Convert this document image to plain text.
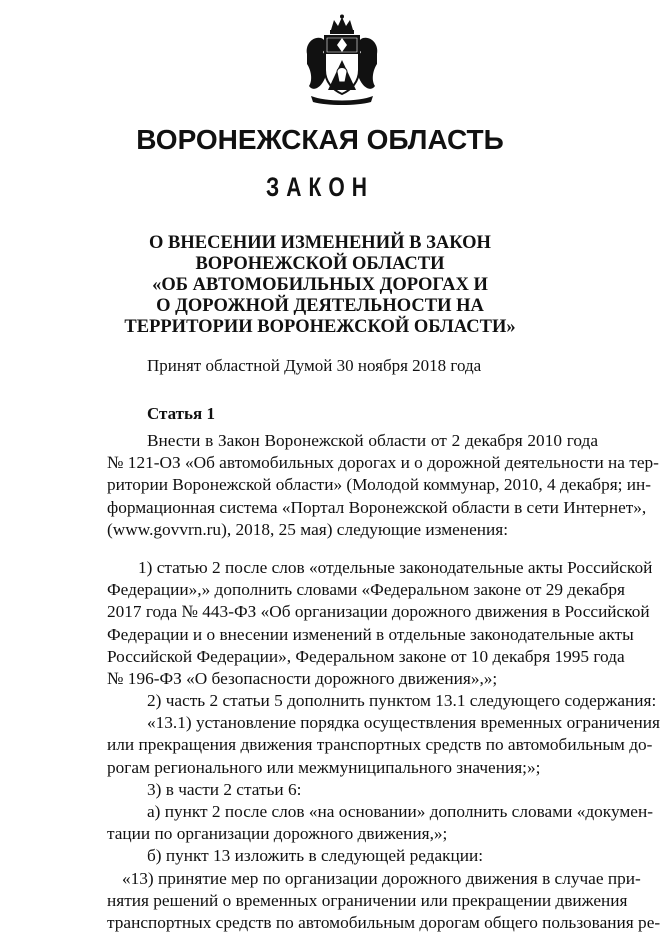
ВОРОНЕЖСКАЯ ОБЛАСТЬ
ЗАКОН
О ВНЕСЕНИИ ИЗМЕНЕНИЙ В ЗАКОН
ВОРОНЕЖСКОЙ ОБЛАСТИ
«ОБ АВТОМОБИЛЬНЫХ ДОРОГАХ И
О ДОРОЖНОЙ ДЕЯТЕЛЬНОСТИ НА
ТЕРРИТОРИИ ВОРОНЕЖСКОЙ ОБЛАСТИ»

Принят областной Думой 30 ноября 2018 года

Статья 1

Внести в Закон Воронежской области от 2 декабря 2010 года
№ 121-ОЗ «Об автомобильных дорогах и о дорожной деятельности на тер-
ритории Воронежской области» (Молодой коммунар, 2010, 4 декабря; ин-
формационная система «Портал Воронежской области в сети Интернет»,
(www.govvrn.ru), 2018, 25 мая) следующие изменения:
1) статью 2 после слов «отдельные законодательные акты Российской
Федерации»,» дополнить словами «Федеральном законе от 29 декабря
2017 года № 443-ФЗ «Об организации дорожного движения в Российской
Федерации и о внесении изменений в отдельные законодательные акты
Российской Федерации», Федеральном законе от 10 декабря 1995 года
№ 196-ФЗ «О безопасности дорожного движения»,»;
2) часть 2 статьи 5 дополнить пунктом 13.1 следующего содержания:
«13.1) установление порядка осуществления временных ограничения
или прекращения движения транспортных средств по автомобильным до-
рогам регионального или межмуниципального значения;»;
3) в части 2 статьи 6:
а) пункт 2 после слов «на основании» дополнить словами «докумен-
тации по организации дорожного движения,»;
б) пункт 13 изложить в следующей редакции:
«13) принятие мер по организации дорожного движения в случае при-
нятия решений о временных ограничении или прекращении движения
транспортных средств по автомобильным дорогам общего пользования ре-
